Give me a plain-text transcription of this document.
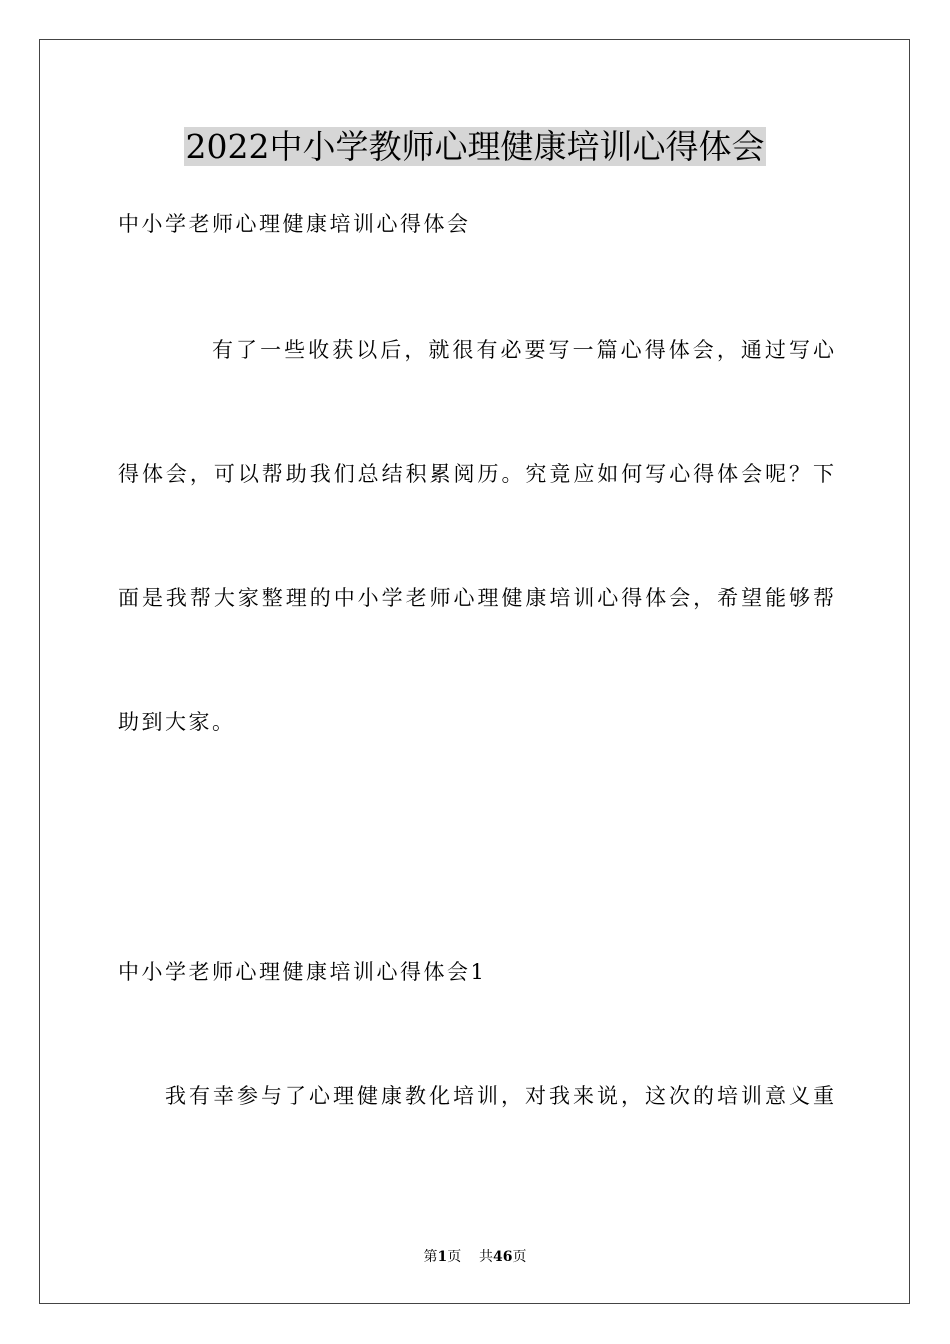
2022中小学教师心理健康培训心得体会
中小学老师心理健康培训心得体会
有了一些收获以后，就很有必要写一篇心得体会，通过写心
得体会，可以帮助我们总结积累阅历。究竟应如何写心得体会呢？下
面是我帮大家整理的中小学老师心理健康培训心得体会，希望能够帮
助到大家。
中小学老师心理健康培训心得体会1
我有幸参与了心理健康教化培训，对我来说，这次的培训意义重
第1页 共46页
